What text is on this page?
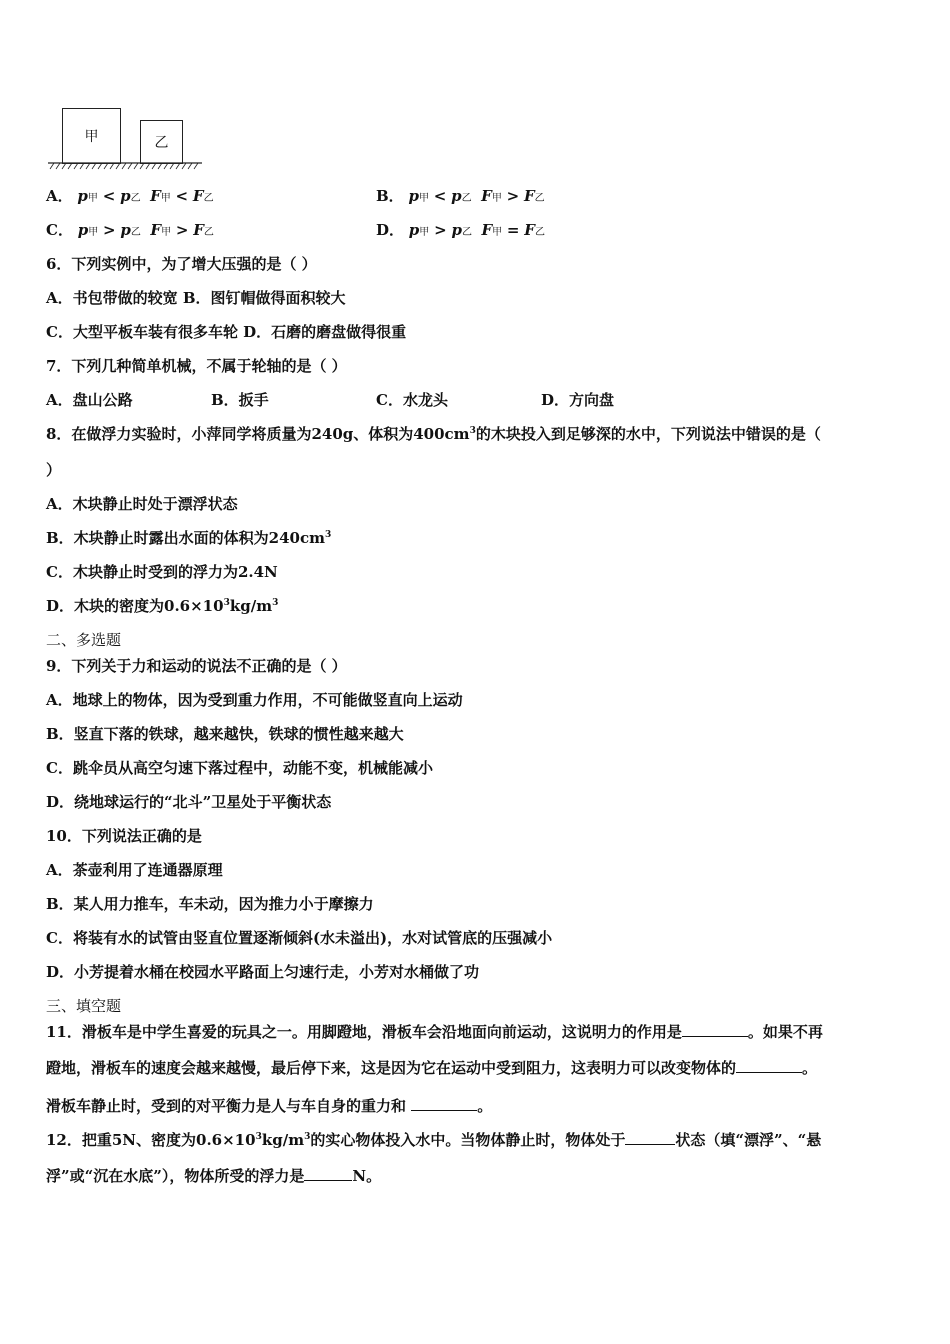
甲	乙
A． p甲 < p乙 F甲 < F乙	B． p甲 < p乙 F甲 > F乙
C． p甲 > p乙 F甲 > F乙	D． p甲 > p乙 F甲 = F乙
6．下列实例中，为了增大压强的是（ ）
A．书包带做的较宽 B．图钉帽做得面积较大
C．大型平板车装有很多车轮 D．石磨的磨盘做得很重
7．下列几种简单机械，不属于轮轴的是（ ）
A．盘山公路	B．扳手	C．水龙头	D．方向盘
8．在做浮力实验时，小萍同学将质量为240g、体积为$400cm^3$的木块投入到足够深的水中，下列说法中错误的是（
）
A．木块静止时处于漂浮状态
B．木块静止时露出水面的体积为$240cm^3$
C．木块静止时受到的浮力为2.4N
D．木块的密度为$0.6\times 10^3kg/m^3$
二、多选题
9．下列关于力和运动的说法不正确的是（ ）
A．地球上的物体，因为受到重力作用，不可能做竖直向上运动
B．竖直下落的铁球，越来越快，铁球的惯性越来越大
C．跳伞员从高空匀速下落过程中，动能不变，机械能减小
D．绕地球运行的“北斗”卫星处于平衡状态
10．下列说法正确的是
A．茶壶利用了连通器原理
B．某人用力推车，车未动，因为推力小于摩擦力
C．将装有水的试管由竖直位置逐渐倾斜(水未溢出)，水对试管底的压强减小
D．小芳提着水桶在校园水平路面上匀速行走，小芳对水桶做了功
三、填空题
11．滑板车是中学生喜爱的玩具之一。用脚蹬地，滑板车会沿地面向前运动，这说明力的作用是	。如果不再
蹬地，滑板车的速度会越来越慢，最后停下来，这是因为它在运动中受到阻力，这表明力可以改变物体的	。
滑板车静止时，受到的对平衡力是人与车自身的重力和	。
12．把重5N、密度为$0.6\times 10^3kg/m^3$的实心物体投入水中。当物体静止时，物体处于	状态（填“漂浮”、“悬
浮”或“沉在水底”），物体所受的浮力是	N。
